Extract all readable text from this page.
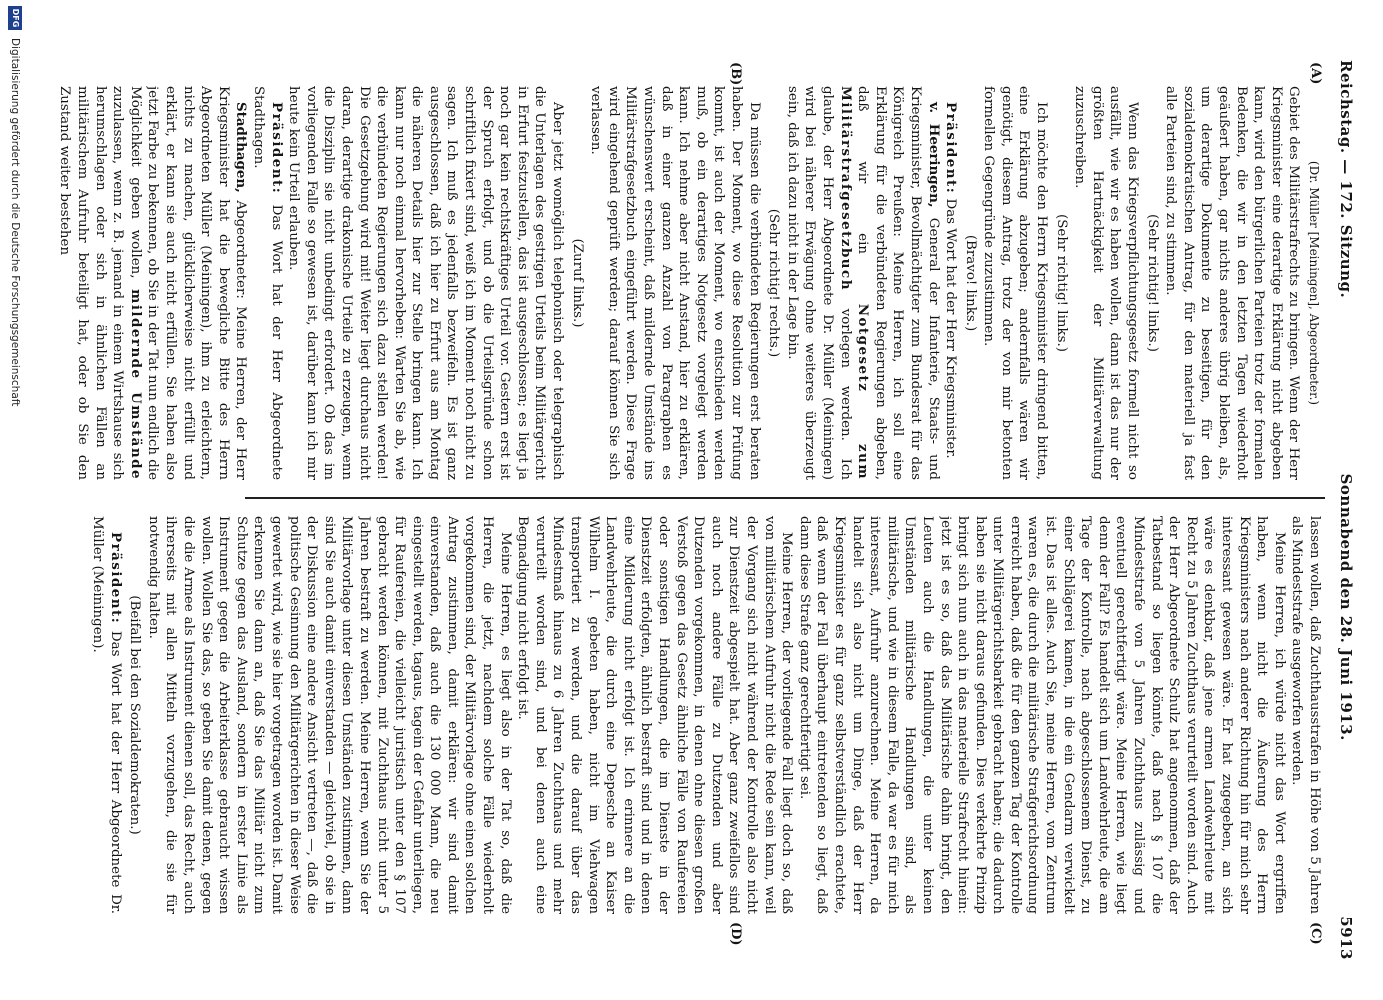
Reichstag. — 172. Sitzung.
Sonnabend den 28. Juni 1913.
5913
(A)
(B)
(C)
(D)

(Dr. Müller [Meiningen], Abgeordneter.)

Gebiet des Militärstrafrechts zu bringen. Wenn der Herr Kriegsminister eine derartige Erklärung nicht abgeben kann, wird den bürgerlichen Parteien trotz der formalen Bedenken, die wir in den letzten Tagen wiederholt geäußert haben, gar nichts anderes übrig bleiben, als, um derartige Dokumente zu beseitigen, für den sozialdemokratischen Antrag, für den materiell ja fast alle Parteien sind, zu stimmen.

(Sehr richtig! links.)

Wenn das Kriegsverpflichtungsgesetz formell nicht so ausfällt, wie wir es haben wollen, dann ist das nur der größten Hartnäckigkeit der Militärverwaltung zuzuschreiben.

(Sehr richtig! links.)

Ich möchte den Herrn Kriegsminister dringend bitten, eine Erklärung abzugeben; andernfalls wären wir genötigt, diesem Antrag, trotz der von mir betonten formellen Gegengründe zuzustimmen.

(Bravo! links.)

Präsident: Das Wort hat der Herr Kriegsminister.

v. Heeringen, General der Infanterie, Staats- und Kriegsminister, Bevollmächtigter zum Bundesrat für das Königreich Preußen: Meine Herren, ich soll eine Erklärung für die verbündeten Regierungen abgeben, daß wir ein Notgesetz zum Militärstrafgesetzbuch vorlegen werden. Ich glaube, der Herr Abgeordnete Dr. Müller (Meiningen) wird bei näherer Erwägung ohne weiteres überzeugt sein, daß ich dazu nicht in der Lage bin.

(Sehr richtig! rechts.)

Da müssen die verbündeten Regierungen erst beraten haben. Der Moment, wo diese Resolution zur Prüfung kommt, ist auch der Moment, wo entschieden werden muß, ob ein derartiges Notgesetz vorgelegt werden kann. Ich nehme aber nicht Anstand, hier zu erklären, daß in einer ganzen Anzahl von Paragraphen es wünschenswert erscheint, daß mildernde Umstände ins Militärstrafgesetzbuch eingeführt werden. Diese Frage wird eingehend geprüft werden; darauf können Sie sich verlassen.

(Zuruf links.)

Aber jetzt womöglich telephonisch oder telegraphisch die Unterlagen des gestrigen Urteils beim Militärgericht in Erfurt festzustellen, das ist ausgeschlossen; es liegt ja noch gar kein rechtskräftiges Urteil vor. Gestern erst ist der Spruch erfolgt, und ob die Urteilsgründe schon schriftlich fixiert sind, weiß ich im Moment noch nicht zu sagen. Ich muß es jedenfalls bezweifeln. Es ist ganz ausgeschlossen, daß ich hier zu Erfurt aus am Montag die näheren Details hier zur Stelle bringen kann. Ich kann nur noch einmal hervorheben: Warten Sie ab, wie die verbündeten Regierungen sich dazu stellen werden! Die Gesetzgebung wird mit! Weiter liegt durchaus nicht daran, derartige drakonische Urteile zu erzeugen, wenn die Disziplin sie nicht unbedingt erfordert. Ob das im vorliegenden Falle so gewesen ist, darüber kann ich mir heute kein Urteil erlauben.

Präsident: Das Wort hat der Herr Abgeordnete Stadthagen.

Stadthagen, Abgeordneter: Meine Herren, der Herr Kriegsminister hat die bewegliche Bitte des Herrn Abgeordneten Müller (Meiningen), ihm zu erleichtern, nichts zu machen, glücklicherweise nicht erfüllt und erklärt, er kann sie auch nicht erfüllen. Sie haben also jetzt Farbe zu bekennen, ob Sie in der Tat nun endlich die Möglichkeit geben wollen, mildernde Umstände zuzulassen, wenn z. B. jemand in einem Wirtshause sich herumschlagen oder sich in ähnlichen Fällen an militärischem Aufruhr beteiligt hat, oder ob Sie den Zustand weiter bestehen

lassen wollen, daß Zuchthausstrafen in Höhe von 5 Jahren als Mindeststrafe ausgeworfen werden.

Meine Herren, ich würde nicht das Wort ergriffen haben, wenn nicht die Äußerung des Herrn Kriegsministers nach anderer Richtung hin für mich sehr interessant gewesen wäre. Er hat zugegeben, an sich wäre es denkbar, daß jene armen Landwehrleute mit Recht zu 5 Jahren Zuchthaus verurteilt worden sind. Auch der Herr Abgeordnete Schulz hat angenommen, daß der Tatbestand so liegen könnte, daß nach § 107 die Mindeststrafe von 5 Jahren Zuchthaus zulässig und eventuell gerechtfertigt wäre. Meine Herren, wie liegt denn der Fall? Es handelt sich um Landwehrleute, die am Tage der Kontrolle, nach abgeschlossenem Dienst, zu einer Schlägerei kamen, in die ein Gendarm verwickelt ist. Das ist alles. Auch Sie, meine Herren, vom Zentrum waren es, die durch die militärische Strafgerichtsordnung erreicht haben, daß die für den ganzen Tag der Kontrolle unter Militärgerichtsbarkeit gebracht haben; die dadurch haben sie nicht daraus gefunden. Dies verkehrte Prinzip bringt sich nun auch in das materielle Strafrecht hinein: jetzt ist es so, daß das Militärische dahin bringt, den Leuten auch die Handlungen, die unter keinen Umständen militärische Handlungen sind, als militärische, und wie in diesem Falle, da war es für mich interessant, Aufruhr anzurechnen. Meine Herren, da handelt sich also nicht um Dinge, daß der Herr Kriegsminister es für ganz selbstverständlich erachtete, daß wenn der Fall überhaupt eintretenden so liegt, daß dann diese Strafe ganz gerechtfertigt sei.

Meine Herren, der vorliegende Fall liegt doch so, daß von militärischem Aufruhr nicht die Rede sein kann, weil der Vorgang sich nicht während der Kontrolle also nicht zur Dienstzeit abgespielt hat. Aber ganz zweifellos sind auch noch andere Fälle zu Dutzenden und aber Dutzenden vorgekommen, in denen ohne diesen großen Verstoß gegen das Gesetz ähnliche Fälle von Raufereien oder sonstigen Handlungen, die im Dienste in der Dienstzeit erfolgten, ähnlich bestraft sind und in denen eine Milderung nicht erfolgt ist. Ich erinnere an die Landwehrleute, die durch eine Depesche an Kaiser Wilhelm I. gebeten haben, nicht im Viehwagen transportiert zu werden, und die darauf über das Mindestmaß hinaus zu 6 Jahren Zuchthaus und mehr verurteilt worden sind, und bei denen auch eine Begnadigung nicht erfolgt ist.

Meine Herren, es liegt also in der Tat so, daß die Herren, die jetzt, nachdem solche Fälle wiederholt vorgekommen sind, der Militärvorlage ohne einen solchen Antrag zustimmen, damit erklären: wir sind damit einverstanden, daß auch die 130 000 Mann, die neu eingestellt werden, tagaus, tagein der Gefahr unterliegen, für Raufereien, die vielleicht juristisch unter den § 107 gebracht werden können, mit Zuchthaus nicht unter 5 Jahren bestraft zu werden. Meine Herren, wenn Sie der Militärvorlage unter diesen Umständen zustimmen, dann sind Sie auch damit einverstanden — gleichviel, ob sie in der Diskussion eine andere Ansicht vertreten —, daß die politische Gesinnung den Militärgerichten in dieser Weise gewertet wird, wie sie hier vorgetragen worden ist. Damit erkennen Sie dann an, daß Sie das Militär nicht zum Schutze gegen das Ausland, sondern in erster Linie als Instrument gegen die Arbeiterklasse gebraucht wissen wollen. Wollen Sie das, so geben Sie damit denen, gegen die die Armee als Instrument dienen soll, das Recht, auch ihrerseits mit allen Mitteln vorzugehen, die sie für notwendig halten.

(Beifall bei den Sozialdemokraten.)

Präsident: Das Wort hat der Herr Abgeordnete Dr. Müller (Meiningen).

DFG
Digitalisierung gefördert durch die Deutsche Forschungsgemeinschaft
